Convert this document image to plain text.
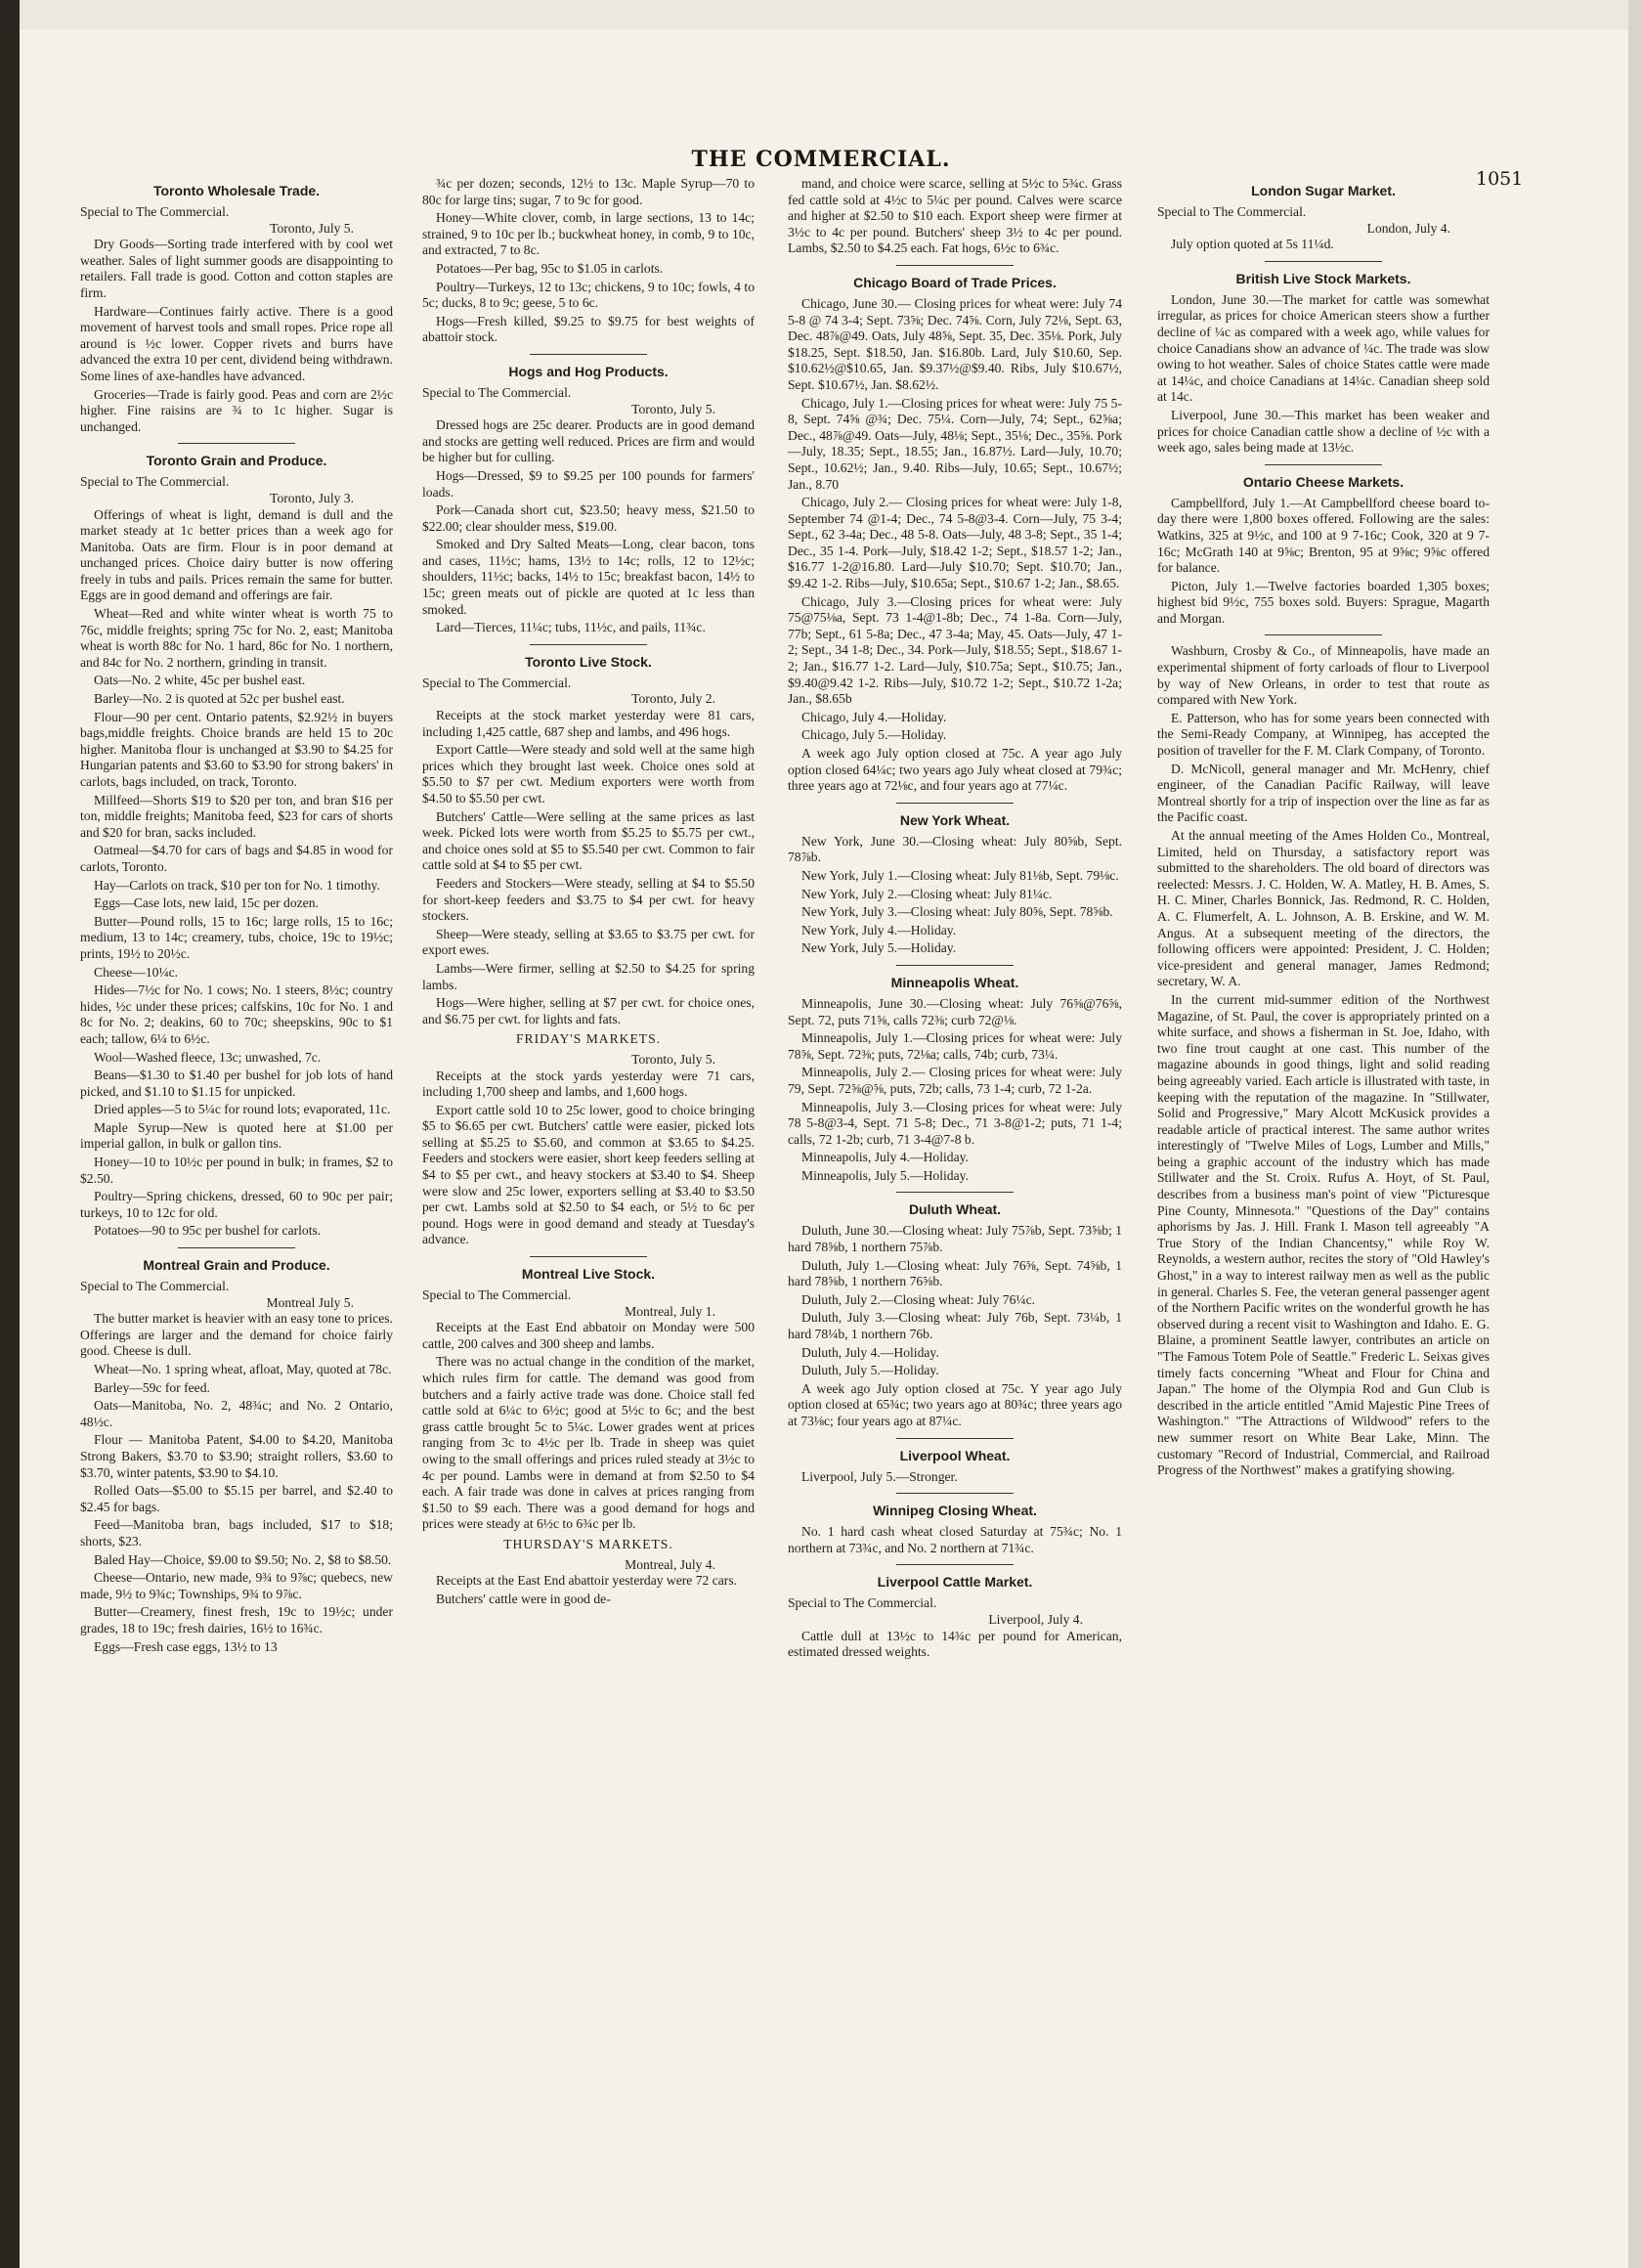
THE COMMERCIAL.
1051
Toronto Wholesale Trade.

Special to The Commercial.

Toronto, July 5.

Dry Goods—Sorting trade interfered with by cool wet weather. Sales of light summer goods are disappointing to retailers. Fall trade is good. Cotton and cotton staples are firm.

Hardware—Continues fairly active. There is a good movement of harvest tools and small ropes. Price rope all around is ½c lower. Copper rivets and burrs have advanced the extra 10 per cent, dividend being withdrawn. Some lines of axe-handles have advanced.

Groceries—Trade is fairly good. Peas and corn are 2½c higher. Fine raisins are ¾ to 1c higher. Sugar is unchanged.

Toronto Grain and Produce.

Special to The Commercial.

Toronto, July 3.

Offerings of wheat is light, demand is dull and the market steady at 1c better prices than a week ago for Manitoba. Oats are firm. Flour is in poor demand at unchanged prices. Choice dairy butter is now offering freely in tubs and pails. Prices remain the same for butter. Eggs are in good demand and offerings are fair.

Wheat—Red and white winter wheat is worth 75 to 76c, middle freights; spring 75c for No. 2, east; Manitoba wheat is worth 88c for No. 1 hard, 86c for No. 1 northern, and 84c for No. 2 northern, grinding in transit.

Oats—No. 2 white, 45c per bushel east.

Barley—No. 2 is quoted at 52c per bushel east.

Flour—90 per cent. Ontario patents, $2.92½ in buyers bags,middle freights. Choice brands are held 15 to 20c higher. Manitoba flour is unchanged at $3.90 to $4.25 for Hungarian patents and $3.60 to $3.90 for strong bakers' in carlots, bags included, on track, Toronto.

Millfeed—Shorts $19 to $20 per ton, and bran $16 per ton, middle freights; Manitoba feed, $23 for cars of shorts and $20 for bran, sacks included.

Oatmeal—$4.70 for cars of bags and $4.85 in wood for carlots, Toronto.

Hay—Carlots on track, $10 per ton for No. 1 timothy.

Eggs—Case lots, new laid, 15c per dozen.

Butter—Pound rolls, 15 to 16c; large rolls, 15 to 16c; medium, 13 to 14c; creamery, tubs, choice, 19c to 19½c; prints, 19½ to 20½c.

Cheese—10¼c.

Hides—7½c for No. 1 cows; No. 1 steers, 8½c; country hides, ½c under these prices; calfskins, 10c for No. 1 and 8c for No. 2; deakins, 60 to 70c; sheepskins, 90c to $1 each; tallow, 6¼ to 6½c.

Wool—Washed fleece, 13c; unwashed, 7c.

Beans—$1.30 to $1.40 per bushel for job lots of hand picked, and $1.10 to $1.15 for unpicked.

Dried apples—5 to 5¼c for round lots; evaporated, 11c.

Maple Syrup—New is quoted here at $1.00 per imperial gallon, in bulk or gallon tins.

Honey—10 to 10½c per pound in bulk; in frames, $2 to $2.50.

Poultry—Spring chickens, dressed, 60 to 90c per pair; turkeys, 10 to 12c for old.

Potatoes—90 to 95c per bushel for carlots.

Montreal Grain and Produce.

Special to The Commercial.

Montreal July 5.

The butter market is heavier with an easy tone to prices. Offerings are larger and the demand for choice fairly good. Cheese is dull.

Wheat—No. 1 spring wheat, afloat, May, quoted at 78c.

Barley—59c for feed.

Oats—Manitoba, No. 2, 48¾c; and No. 2 Ontario, 48½c.

Flour — Manitoba Patent, $4.00 to $4.20, Manitoba Strong Bakers, $3.70 to $3.90; straight rollers, $3.60 to $3.70, winter patents, $3.90 to $4.10.

Rolled Oats—$5.00 to $5.15 per barrel, and $2.40 to $2.45 for bags.

Feed—Manitoba bran, bags included, $17 to $18; shorts, $23.

Baled Hay—Choice, $9.00 to $9.50; No. 2, $8 to $8.50.

Cheese—Ontario, new made, 9¾ to 9⅞c; quebecs, new made, 9½ to 9¾c; Townships, 9¾ to 9⅞c.

Butter—Creamery, finest fresh, 19c to 19½c; under grades, 18 to 19c; fresh dairies, 16½ to 16¾c.

Eggs—Fresh case eggs, 13½ to 13

¾c per dozen; seconds, 12½ to 13c. Maple Syrup—70 to 80c for large tins; sugar, 7 to 9c for good.

Honey—White clover, comb, in large sections, 13 to 14c; strained, 9 to 10c per lb.; buckwheat honey, in comb, 9 to 10c, and extracted, 7 to 8c.

Potatoes—Per bag, 95c to $1.05 in carlots.

Poultry—Turkeys, 12 to 13c; chickens, 9 to 10c; fowls, 4 to 5c; ducks, 8 to 9c; geese, 5 to 6c.

Hogs—Fresh killed, $9.25 to $9.75 for best weights of abattoir stock.

Hogs and Hog Products.

Special to The Commercial.

Toronto, July 5.

Dressed hogs are 25c dearer. Products are in good demand and stocks are getting well reduced. Prices are firm and would be higher but for culling.

Hogs—Dressed, $9 to $9.25 per 100 pounds for farmers' loads.

Pork—Canada short cut, $23.50; heavy mess, $21.50 to $22.00; clear shoulder mess, $19.00.

Smoked and Dry Salted Meats—Long, clear bacon, tons and cases, 11½c; hams, 13½ to 14c; rolls, 12 to 12½c; shoulders, 11½c; backs, 14½ to 15c; breakfast bacon, 14½ to 15c; green meats out of pickle are quoted at 1c less than smoked.

Lard—Tierces, 11¼c; tubs, 11½c, and pails, 11¾c.

Toronto Live Stock.

Special to The Commercial.

Toronto, July 2.

Receipts at the stock market yesterday were 81 cars, including 1,425 cattle, 687 shep and lambs, and 496 hogs.

Export Cattle—Were steady and sold well at the same high prices which they brought last week. Choice ones sold at $5.50 to $7 per cwt. Medium exporters were worth from $4.50 to $5.50 per cwt.

Butchers' Cattle—Were selling at the same prices as last week. Picked lots were worth from $5.25 to $5.75 per cwt., and choice ones sold at $5 to $5.540 per cwt. Common to fair cattle sold at $4 to $5 per cwt.

Feeders and Stockers—Were steady, selling at $4 to $5.50 for short-keep feeders and $3.75 to $4 per cwt. for heavy stockers.

Sheep—Were steady, selling at $3.65 to $3.75 per cwt. for export ewes.

Lambs—Were firmer, selling at $2.50 to $4.25 for spring lambs.

Hogs—Were higher, selling at $7 per cwt. for choice ones, and $6.75 per cwt. for lights and fats.

FRIDAY'S MARKETS.

Toronto, July 5.

Receipts at the stock yards yesterday were 71 cars, including 1,700 sheep and lambs, and 1,600 hogs.

Export cattle sold 10 to 25c lower, good to choice bringing $5 to $6.65 per cwt. Butchers' cattle were easier, picked lots selling at $5.25 to $5.60, and common at $3.65 to $4.25. Feeders and stockers were easier, short keep feeders selling at $4 to $5 per cwt., and heavy stockers at $3.40 to $4. Sheep were slow and 25c lower, exporters selling at $3.40 to $3.50 per cwt. Lambs sold at $2.50 to $4 each, or 5½ to 6c per pound. Hogs were in good demand and steady at Tuesday's advance.

Montreal Live Stock.

Special to The Commercial.

Montreal, July 1.

Receipts at the East End abbatoir on Monday were 500 cattle, 200 calves and 300 sheep and lambs.

There was no actual change in the condition of the market, which rules firm for cattle. The demand was good from butchers and a fairly active trade was done. Choice stall fed cattle sold at 6¼c to 6½c; good at 5½c to 6c; and the best grass cattle brought 5c to 5¼c. Lower grades went at prices ranging from 3c to 4½c per lb. Trade in sheep was quiet owing to the small offerings and prices ruled steady at 3½c to 4c per pound. Lambs were in demand at from $2.50 to $4 each. A fair trade was done in calves at prices ranging from $1.50 to $9 each. There was a good demand for hogs and prices were steady at 6½c to 6¾c per lb.

THURSDAY'S MARKETS.

Montreal, July 4.

Receipts at the East End abattoir yesterday were 72 cars.

Butchers' cattle were in good de-

mand, and choice were scarce, selling at 5½c to 5¾c. Grass fed cattle sold at 4½c to 5¼c per pound. Calves were scarce and higher at $2.50 to $10 each. Export sheep were firmer at 3½c to 4c per pound. Butchers' sheep 3½ to 4c per pound. Lambs, $2.50 to $4.25 each. Fat hogs, 6½c to 6¾c.

Chicago Board of Trade Prices.

Chicago, June 30.— Closing prices for wheat were: July 74 5-8 @ 74 3-4; Sept. 73⅝; Dec. 74⅝. Corn, July 72⅛, Sept. 63, Dec. 48⅞@49. Oats, July 48⅝, Sept. 35, Dec. 35⅛. Pork, July $18.25, Sept. $18.50, Jan. $16.80b. Lard, July $10.60, Sep. $10.62½@$10.65, Jan. $9.37½@$9.40. Ribs, July $10.67½, Sept. $10.67½, Jan. $8.62½.

Chicago, July 1.—Closing prices for wheat were: July 75 5-8, Sept. 74⅝ @¾; Dec. 75¼. Corn—July, 74; Sept., 62⅝a; Dec., 48⅞@49. Oats—July, 48⅛; Sept., 35⅛; Dec., 35⅝. Pork—July, 18.35; Sept., 18.55; Jan., 16.87½. Lard—July, 10.70; Sept., 10.62½; Jan., 9.40. Ribs—July, 10.65; Sept., 10.67½; Jan., 8.70

Chicago, July 2.— Closing prices for wheat were: July 1-8, September 74 @1-4; Dec., 74 5-8@3-4. Corn—July, 75 3-4; Sept., 62 3-4a; Dec., 48 5-8. Oats—July, 48 3-8; Sept., 35 1-4; Dec., 35 1-4. Pork—July, $18.42 1-2; Sept., $18.57 1-2; Jan., $16.77 1-2@16.80. Lard—July $10.70; Sept. $10.70; Jan., $9.42 1-2. Ribs—July, $10.65a; Sept., $10.67 1-2; Jan., $8.65.

Chicago, July 3.—Closing prices for wheat were: July 75@75⅛a, Sept. 73 1-4@1-8b; Dec., 74 1-8a. Corn—July, 77b; Sept., 61 5-8a; Dec., 47 3-4a; May, 45. Oats—July, 47 1-2; Sept., 34 1-8; Dec., 34. Pork—July, $18.55; Sept., $18.67 1-2; Jan., $16.77 1-2. Lard—July, $10.75a; Sept., $10.75; Jan., $9.40@9.42 1-2. Ribs—July, $10.72 1-2; Sept., $10.72 1-2a; Jan., $8.65b

Chicago, July 4.—Holiday.

Chicago, July 5.—Holiday.

A week ago July option closed at 75c. A year ago July option closed 64¼c; two years ago July wheat closed at 79¾c; three years ago at 72⅛c, and four years ago at 77¼c.

New York Wheat.

New York, June 30.—Closing wheat: July 80⅝b, Sept. 78⅞b.

New York, July 1.—Closing wheat: July 81⅛b, Sept. 79⅛c.

New York, July 2.—Closing wheat: July 81¼c.

New York, July 3.—Closing wheat: July 80⅝, Sept. 78⅝b.

New York, July 4.—Holiday.

New York, July 5.—Holiday.

Minneapolis Wheat.

Minneapolis, June 30.—Closing wheat: July 76⅝@76⅝, Sept. 72, puts 71⅝, calls 72⅜; curb 72@⅛.

Minneapolis, July 1.—Closing prices for wheat were: July 78⅝, Sept. 72⅜; puts, 72⅛a; calls, 74b; curb, 73¼.

Minneapolis, July 2.— Closing prices for wheat were: July 79, Sept. 72⅝@⅝, puts, 72b; calls, 73 1-4; curb, 72 1-2a.

Minneapolis, July 3.—Closing prices for wheat were: July 78 5-8@3-4, Sept. 71 5-8; Dec., 71 3-8@1-2; puts, 71 1-4; calls, 72 1-2b; curb, 71 3-4@7-8 b.

Minneapolis, July 4.—Holiday.

Minneapolis, July 5.—Holiday.

Duluth Wheat.

Duluth, June 30.—Closing wheat: July 75⅞b, Sept. 73⅝b; 1 hard 78⅝b, 1 northern 75⅞b.

Duluth, July 1.—Closing wheat: July 76⅝, Sept. 74⅝b, 1 hard 78⅝b, 1 northern 76⅝b.

Duluth, July 2.—Closing wheat: July 76¼c.

Duluth, July 3.—Closing wheat: July 76b, Sept. 73¼b, 1 hard 78¼b, 1 northern 76b.

Duluth, July 4.—Holiday.

Duluth, July 5.—Holiday.

A week ago July option closed at 75c. Y year ago July option closed at 65¾c; two years ago at 80¾c; three years ago at 73⅛c; four years ago at 87¼c.

Liverpool Wheat.

Liverpool, July 5.—Stronger.

Winnipeg Closing Wheat.

No. 1 hard cash wheat closed Saturday at 75¾c; No. 1 northern at 73¾c, and No. 2 northern at 71¾c.

Liverpool Cattle Market.

Special to The Commercial.

Liverpool, July 4.

Cattle dull at 13½c to 14¾c per pound for American, estimated dressed weights.

London Sugar Market.

Special to The Commercial.

London, July 4.

July option quoted at 5s 11¼d.

British Live Stock Markets.

London, June 30.—The market for cattle was somewhat irregular, as prices for choice American steers show a further decline of ¼c as compared with a week ago, while values for choice Canadians show an advance of ¼c. The trade was slow owing to hot weather. Sales of choice States cattle were made at 14¼c, and choice Canadians at 14¼c. Canadian sheep sold at 14c.

Liverpool, June 30.—This market has been weaker and prices for choice Canadian cattle show a decline of ½c with a week ago, sales being made at 13½c.

Ontario Cheese Markets.

Campbellford, July 1.—At Campbellford cheese board to-day there were 1,800 boxes offered. Following are the sales: Watkins, 325 at 9½c, and 100 at 9 7-16c; Cook, 320 at 9 7-16c; McGrath 140 at 9⅝c; Brenton, 95 at 9⅝c; 9⅝c offered for balance.

Picton, July 1.—Twelve factories boarded 1,305 boxes; highest bid 9½c, 755 boxes sold. Buyers: Sprague, Magarth and Morgan.

Washburn, Crosby & Co., of Minneapolis, have made an experimental shipment of forty carloads of flour to Liverpool by way of New Orleans, in order to test that route as compared with New York.

E. Patterson, who has for some years been connected with the Semi-Ready Company, at Winnipeg, has accepted the position of traveller for the F. M. Clark Company, of Toronto.

D. McNicoll, general manager and Mr. McHenry, chief engineer, of the Canadian Pacific Railway, will leave Montreal shortly for a trip of inspection over the line as far as the Pacific coast.

At the annual meeting of the Ames Holden Co., Montreal, Limited, held on Thursday, a satisfactory report was submitted to the shareholders. The old board of directors was reelected: Messrs. J. C. Holden, W. A. Matley, H. B. Ames, S. H. C. Miner, Charles Bonnick, Jas. Redmond, R. C. Holden, A. C. Flumerfelt, A. L. Johnson, A. B. Erskine, and W. M. Angus. At a subsequent meeting of the directors, the following officers were appointed: President, J. C. Holden; vice-president and general manager, James Redmond; secretary, W. A.

In the current mid-summer edition of the Northwest Magazine, of St. Paul, the cover is appropriately printed on a white surface, and shows a fisherman in St. Joe, Idaho, with two fine trout caught at one cast. This number of the magazine abounds in good things, light and solid reading being agreeably varied. Each article is illustrated with taste, in keeping with the reputation of the magazine. In "Stillwater, Solid and Progressive," Mary Alcott McKusick provides a readable article of practical interest. The same author writes interestingly of "Twelve Miles of Logs, Lumber and Mills," being a graphic account of the industry which has made Stillwater and the St. Croix. Rufus A. Hoyt, of St. Paul, describes from a business man's point of view "Picturesque Pine County, Minnesota." "Questions of the Day" contains aphorisms by Jas. J. Hill. Frank I. Mason tell agreeably "A True Story of the Indian Chancentsy," while Roy W. Reynolds, a western author, recites the story of "Old Hawley's Ghost," in a way to interest railway men as well as the public in general. Charles S. Fee, the veteran general passenger agent of the Northern Pacific writes on the wonderful growth he has observed during a recent visit to Washington and Idaho. E. G. Blaine, a prominent Seattle lawyer, contributes an article on "The Famous Totem Pole of Seattle." Frederic L. Seixas gives timely facts concerning "Wheat and Flour for China and Japan." The home of the Olympia Rod and Gun Club is described in the article entitled "Amid Majestic Pine Trees of Washington." "The Attractions of Wildwood" refers to the new summer resort on White Bear Lake, Minn. The customary "Record of Industrial, Commercial, and Railroad Progress of the Northwest" makes a gratifying showing.
